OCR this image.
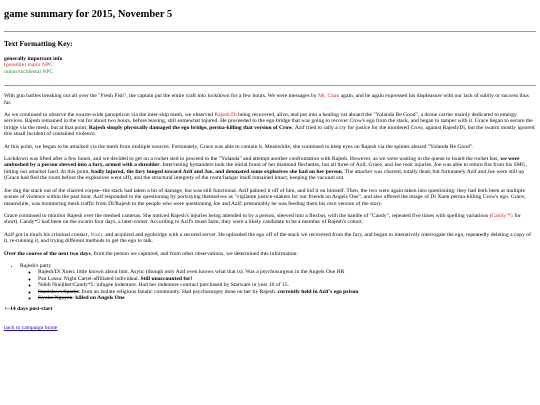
game summary for 2015, November 5
Text Formatting Key:
generally important info
(possible) major NPC
minor/incidental NPC

With gun battles breaking out all over the "Fresh Fish", the captain put the entire craft into lockdown for a few hours. We were messages by Mr. Chan again, and he again expressed his displeasure with our lack of subtly or success thus far.

As we continued to observe the swarm-wide panopticon via the inter-ship mesh, we observed Rajesh/Di being recovered, alive, and put into a healing vat aboard the "Yolanda Be Good", a drone carrier mainly dedicated to emergy services. Rajesh remained in the vat for about two hours, before leaving, still somewhat injured. He proceeded to the ego bridge that was going to recover Crow's ego from the stack, and began to tamper with it. Grace began to secure the bridge via the mesh, but at that point, Rajesh simply physically damaged the ego bridge, perma-killing that version of Crow. Azif tried to rally a cry for justice for the murdered Crow, against Rajesh/Di, but the swarm mostly ignored this small incident of contained violence.

At this point, we began to be attacked via the mesh from multiple sources. Fortunately, Grace was able to contain it. Meanwhile, she continued to keep eyes on Rajesh via the spimes aboard "Yolanda Be Good".

Lockdown was lifted after a few hours, and we decided to get on a rocket sled to proceed to the "Yolanda" and attempt another confrontation with Rajesh. However, as we were waiting in the queue to board the rocket bus, we were ambushed by a person sleeved into a fury, armed with a shredder. Intervening bystanders took the initial brunt of her diamond flechettes, but all three of Azif, Grace, and Joe took injuries. Joe was able to return fire from his SMG, hitting our attacker hard. At this point, badly injured, the fury lunged toward Azif and Joe, and detonated some explosives she had on her person. The attacker was charred, totally dead, but fortunately Azif and Joe were still up (Grace had fled the room before the explosives went off), and the structural integrety of the room/hangar itself remained intact, keeping the vacuum out.

Joe dug the stack out of the charred corpse--the stack had taken a bit of damage, but was still functional. Azif palmed it off of him, and hid it on himself. Then, the two were again taken into questioning: they had both been at multiple scenes of violence within the past hour. Azif responded to the questioning by portraying themselves as "vigilante justice-makers for our friends on Angels One", and also offered the image of Di Xuen perma-killing Crow's ego. Grace, meanwhile, was monitoring mesh traffic from Di/Rajesh to the people who were questioning Joe and Azif; presumably he was feeding them his own version of the story.

Grace continued to monitor Rajesh over the meshed cameras. She noticed Rajesh's injuries being attended to by a person, sleeved into a flexbot, with the handle of "Candy", repeated five times with spelling variations (Candy *5 for short). Candy*5 had been on the swarm four days, a later-comer. According to Azif's muse farm, they were a likely candidate to be a member of Rajesh's cohort.

Azif got in touch his criminal contact, Nasir, and acquired and egobridge with a secured server. He uploaded the ego off of the stack we recovered from the fury, and began to interatively interrogate the ego, repeatedly deleting a copy of it, re-running it, and trying different methods to get the ego to talk.

Over the course of the next two days, from the person we captured, and from other observations, we determined this information:

• Rajesh's party
◦ Rajesh/Di Xuen: little known about him. Async (though only Azif even knows what that is). Was a psychosurgeon in the Angels One HR
◦ Pau Lossa: Night Cartel-affiliated individual. Still unaccounted for!
◦ Ndidi Nnejiber/Candy*5: infugee indenture. Had her indenture contract purchased by Starware in year 10 of 15.
◦ Stanislaws Sparks: from an isolate religious fanatic community. Had psychosurgey done on her by Rajesh. currently held in Azif's ego prison
◦ Kyoko Nguyen: killed on Angels One
+~14 days post-start
back to campaign home
